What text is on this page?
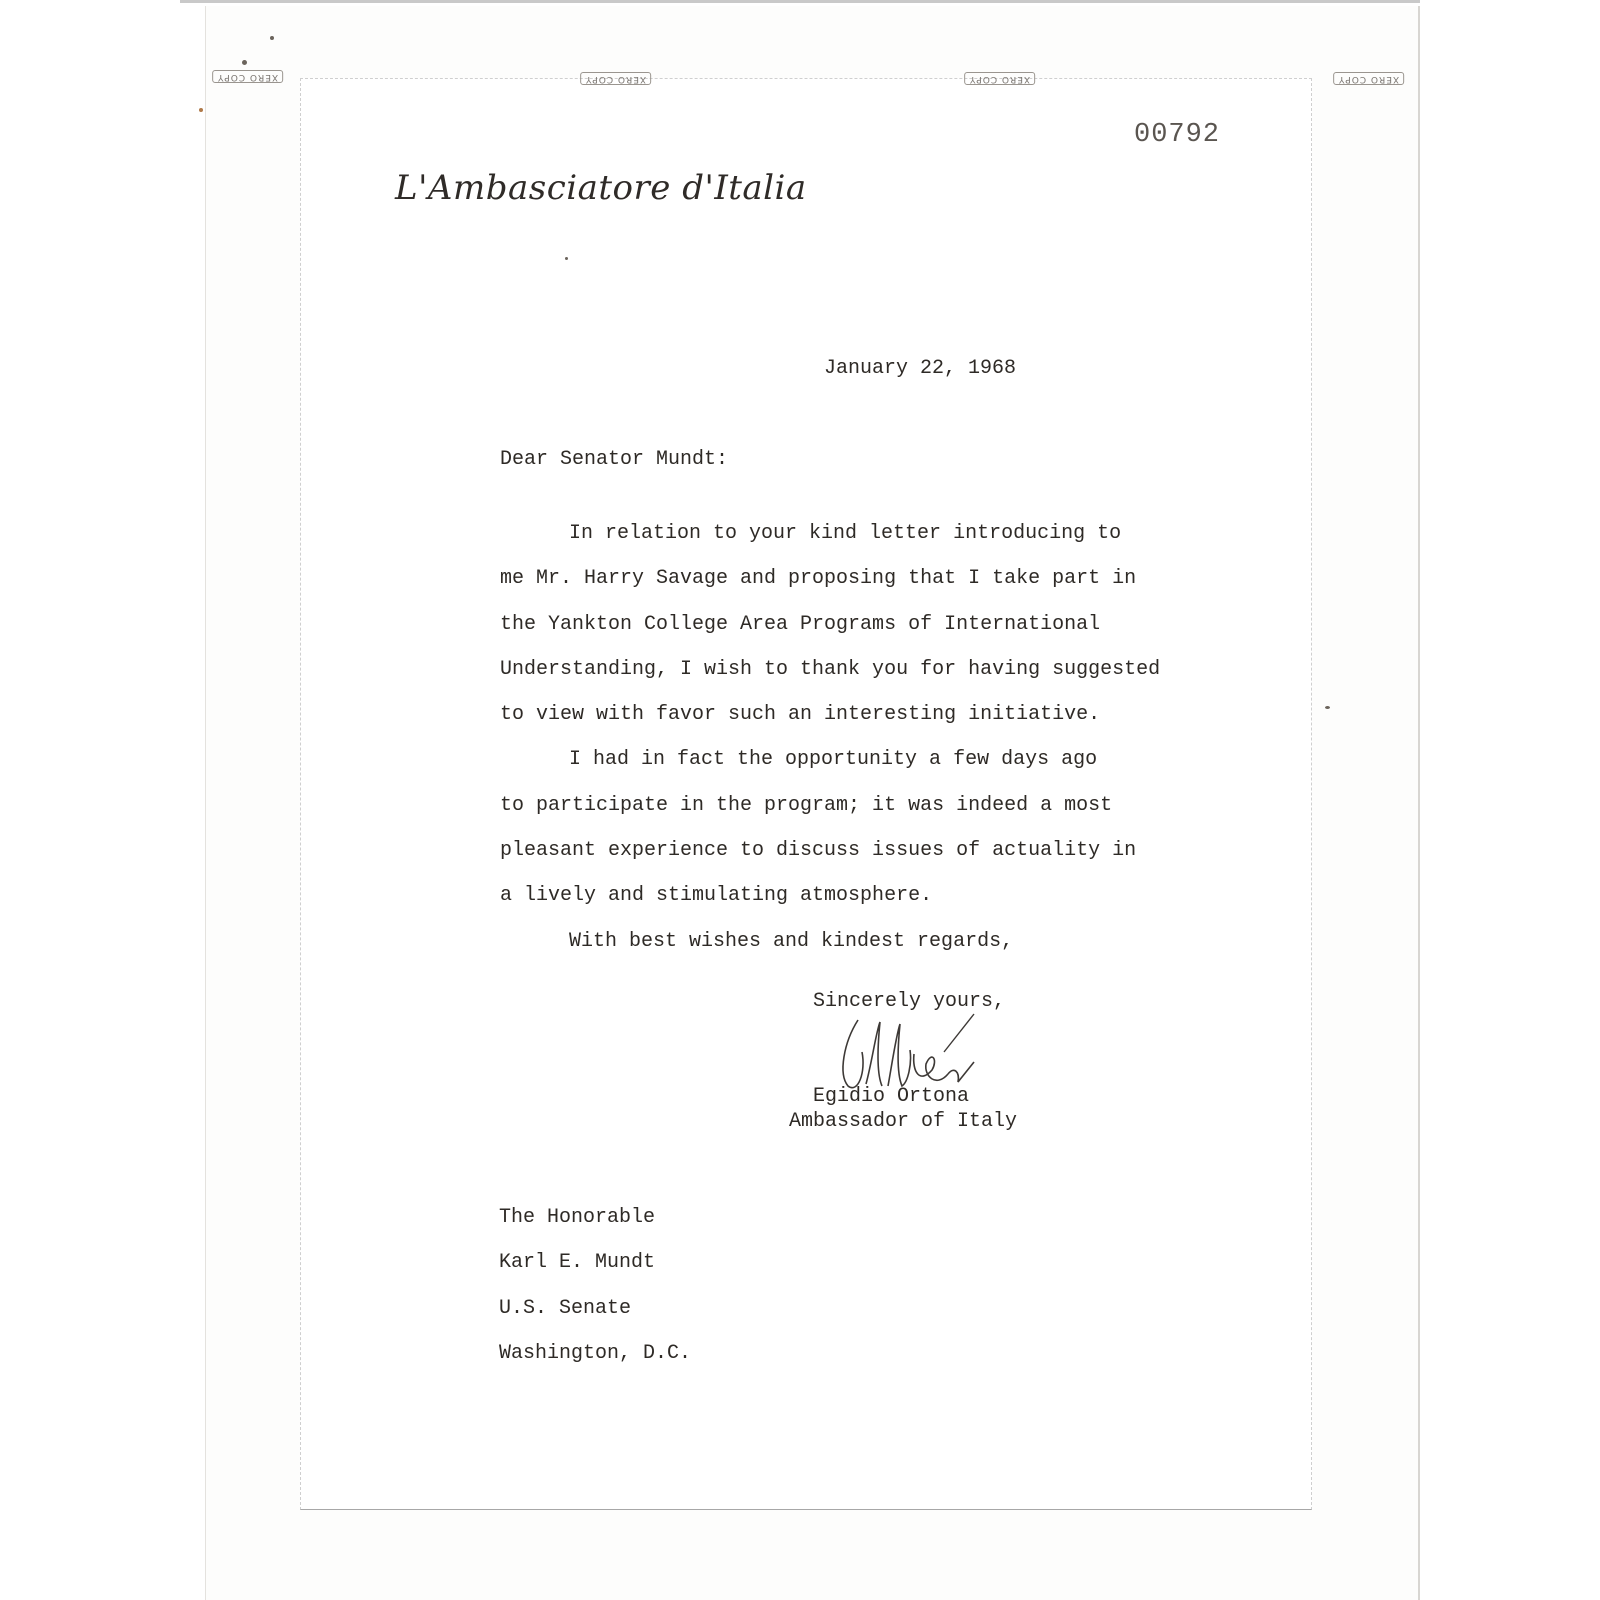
XERO COPY	XERO COPY	XERO COPY	XERO COPY
00792
L'Ambasciatore d'Italia
January 22, 1968
Dear Senator Mundt:

In relation to your kind letter introducing to

me Mr. Harry Savage and proposing that I take part in

the Yankton College Area Programs of International

Understanding, I wish to thank you for having suggested

to view with favor such an interesting initiative.

I had in fact the opportunity a few days ago

to participate in the program; it was indeed a most

pleasant experience to discuss issues of actuality in

a lively and stimulating atmosphere.

With best wishes and kindest regards,

Sincerely yours,
Egidio Ortona
Ambassador of Italy
The Honorable
Karl E. Mundt
U.S. Senate
Washington, D.C.
